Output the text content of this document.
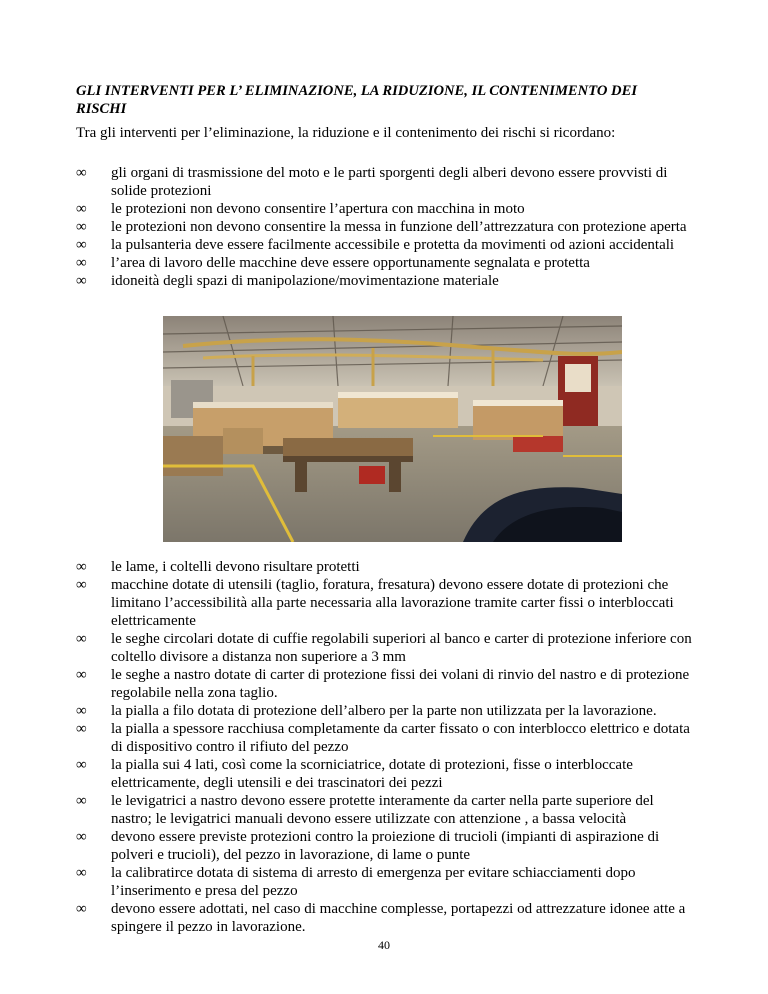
GLI INTERVENTI PER L’ ELIMINAZIONE, LA RIDUZIONE, IL CONTENIMENTO DEI
RISCHI
Tra gli interventi per l’eliminazione, la riduzione e il contenimento dei rischi si ricordano:
∞	gli organi di trasmissione del moto e le parti sporgenti degli alberi devono essere provvisti di solide protezioni
∞	le protezioni non devono consentire l’apertura con macchina in moto
∞	le protezioni non devono consentire la messa in funzione dell’attrezzatura con protezione aperta
∞	la pulsanteria deve essere facilmente accessibile e protetta da movimenti od azioni accidentali
∞	l’area di lavoro delle macchine deve essere opportunamente segnalata e protetta
∞	idoneità degli spazi di manipolazione/movimentazione materiale
∞	le lame, i coltelli devono risultare protetti
∞	macchine dotate di utensili (taglio, foratura, fresatura) devono essere dotate di protezioni che limitano l’accessibilità alla parte necessaria alla lavorazione tramite carter fissi o interbloccati elettricamente
∞	le seghe circolari dotate di cuffie regolabili superiori al banco e carter di protezione inferiore con coltello divisore a distanza non superiore a 3 mm
∞	le seghe a nastro dotate di carter di protezione fissi dei volani di rinvio del nastro e di protezione regolabile nella zona taglio.
∞	la pialla a filo dotata di protezione dell’albero per la parte non utilizzata per la lavorazione.
∞	la pialla a spessore racchiusa completamente da carter fissato o con interblocco elettrico e dotata di dispositivo contro il rifiuto del pezzo
∞	la pialla sui 4 lati, così come la scorniciatrice, dotate di protezioni, fisse o interbloccate elettricamente, degli utensili e dei trascinatori dei pezzi
∞	le levigatrici a nastro devono essere protette interamente da carter nella parte superiore del nastro; le levigatrici manuali devono essere utilizzate con attenzione , a bassa velocità
∞	devono essere previste protezioni contro la proiezione di trucioli (impianti di aspirazione di polveri e trucioli), del pezzo in lavorazione, di lame o punte
∞	la calibratirce dotata di sistema di arresto di emergenza per evitare schiacciamenti dopo l’inserimento e presa del pezzo
∞	devono essere adottati, nel caso di macchine complesse, portapezzi od attrezzature idonee atte a spingere il pezzo in lavorazione.
40
